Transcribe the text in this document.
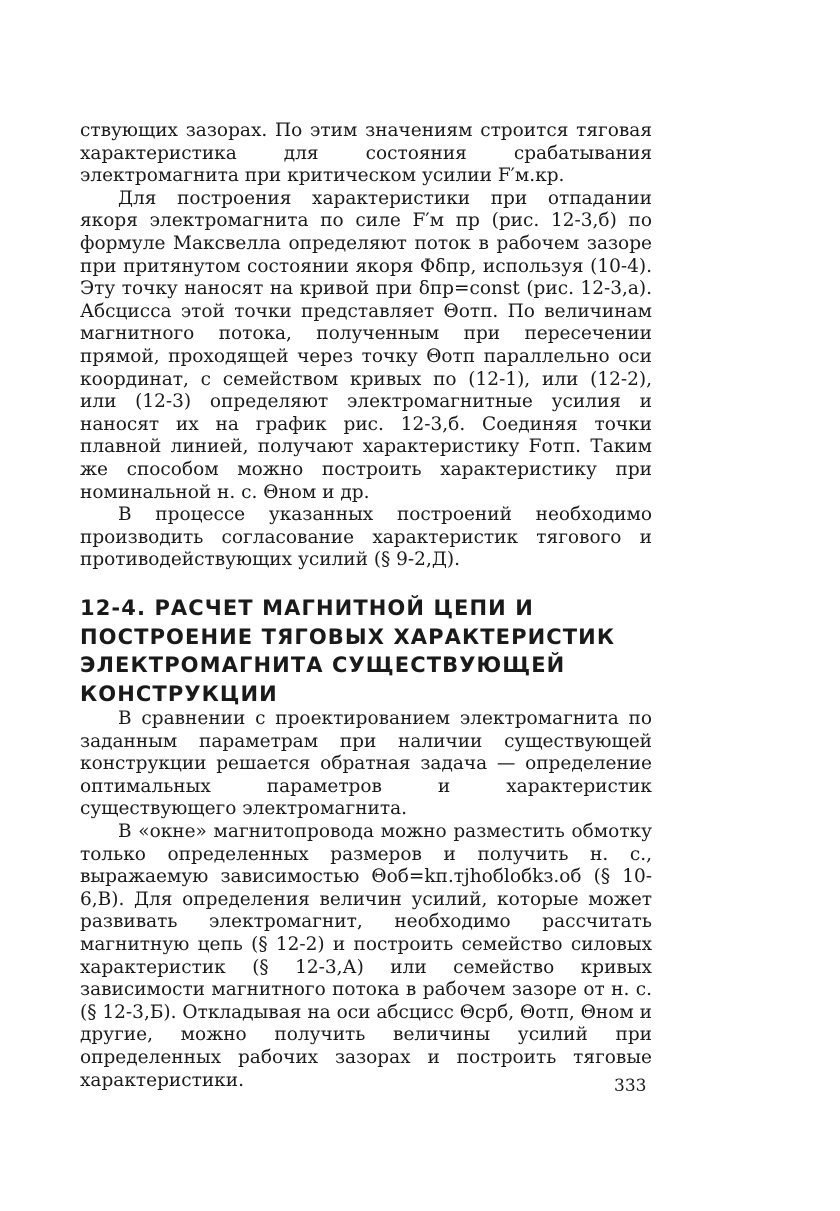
ствующих зазорах. По этим значениям строится тяговая характеристика для состояния срабатывания электромагнита при критическом усилии F′м.кр.

Для построения характеристики при отпадании якоря электромагнита по силе F′м пр (рис. 12-3,б) по формуле Максвелла определяют поток в рабочем зазоре при притянутом состоянии якоря Φδпр, используя (10-4). Эту точку наносят на кривой при δпр=const (рис. 12-3,а). Абсцисса этой точки представляет Θотп. По величинам магнитного потока, полученным при пересечении прямой, проходящей через точку Θотп параллельно оси координат, с семейством кривых по (12-1), или (12-2), или (12-3) определяют электромагнитные усилия и наносят их на график рис. 12-3,б. Соединяя точки плавной линией, получают характеристику Fотп. Таким же способом можно построить характеристику при номинальной н. с. Θном и др.

В процессе указанных построений необходимо производить согласование характеристик тягового и противодействующих усилий (§ 9-2,Д).

12-4. РАСЧЕТ МАГНИТНОЙ ЦЕПИ И ПОСТРОЕНИЕ ТЯГОВЫХ ХАРАКТЕРИСТИК ЭЛЕКТРОМАГНИТА СУЩЕСТВУЮЩЕЙ КОНСТРУКЦИИ

В сравнении с проектированием электромагнита по заданным параметрам при наличии существующей конструкции решается обратная задача — определение оптимальных параметров и характеристик существующего электромагнита.

В «окне» магнитопровода можно разместить обмотку только определенных размеров и получить н. с., выражаемую зависимостью Θоб=kп.тjhобlобkз.об (§ 10-6,В). Для определения величин усилий, которые может развивать электромагнит, необходимо рассчитать магнитную цепь (§ 12-2) и построить семейство силовых характеристик (§ 12-3,А) или семейство кривых зависимости магнитного потока в рабочем зазоре от н. с. (§ 12-3,Б). Откладывая на оси абсцисс Θсрб, Θотп, Θном и другие, можно получить величины усилий при определенных рабочих зазорах и построить тяговые характеристики.	333
